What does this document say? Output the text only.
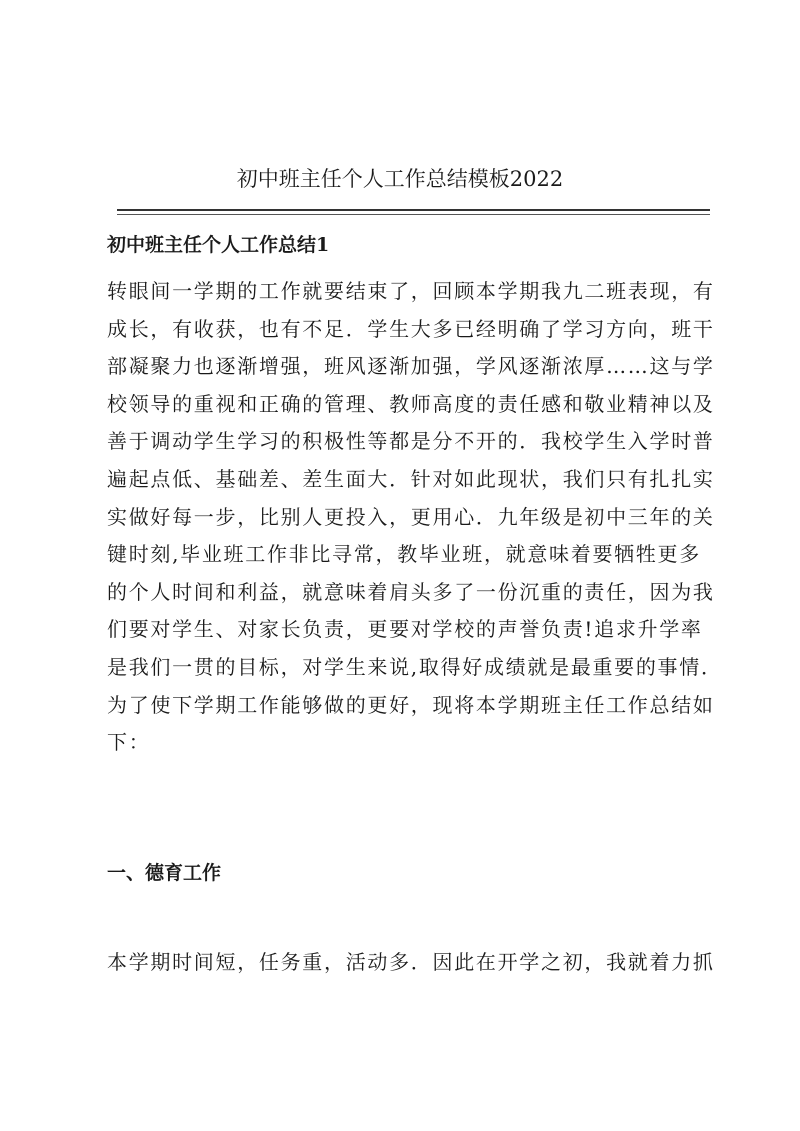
初中班主任个人工作总结模板2022
初中班主任个人工作总结1
转眼间一学期的工作就要结束了，回顾本学期我九二班表现，有
成长，有收获，也有不足．学生大多已经明确了学习方向，班干
部凝聚力也逐渐增强，班风逐渐加强，学风逐渐浓厚……这与学
校领导的重视和正确的管理、教师高度的责任感和敬业精神以及
善于调动学生学习的积极性等都是分不开的．我校学生入学时普
遍起点低、基础差、差生面大．针对如此现状，我们只有扎扎实
实做好每一步，比别人更投入，更用心．九年级是初中三年的关
键时刻,毕业班工作非比寻常，教毕业班，就意味着要牺牲更多
的个人时间和利益，就意味着肩头多了一份沉重的责任，因为我
们要对学生、对家长负责，更要对学校的声誉负责!追求升学率
是我们一贯的目标，对学生来说,取得好成绩就是最重要的事情．
为了使下学期工作能够做的更好，现将本学期班主任工作总结如
下：
一、德育工作

本学期时间短，任务重，活动多．因此在开学之初，我就着力抓
